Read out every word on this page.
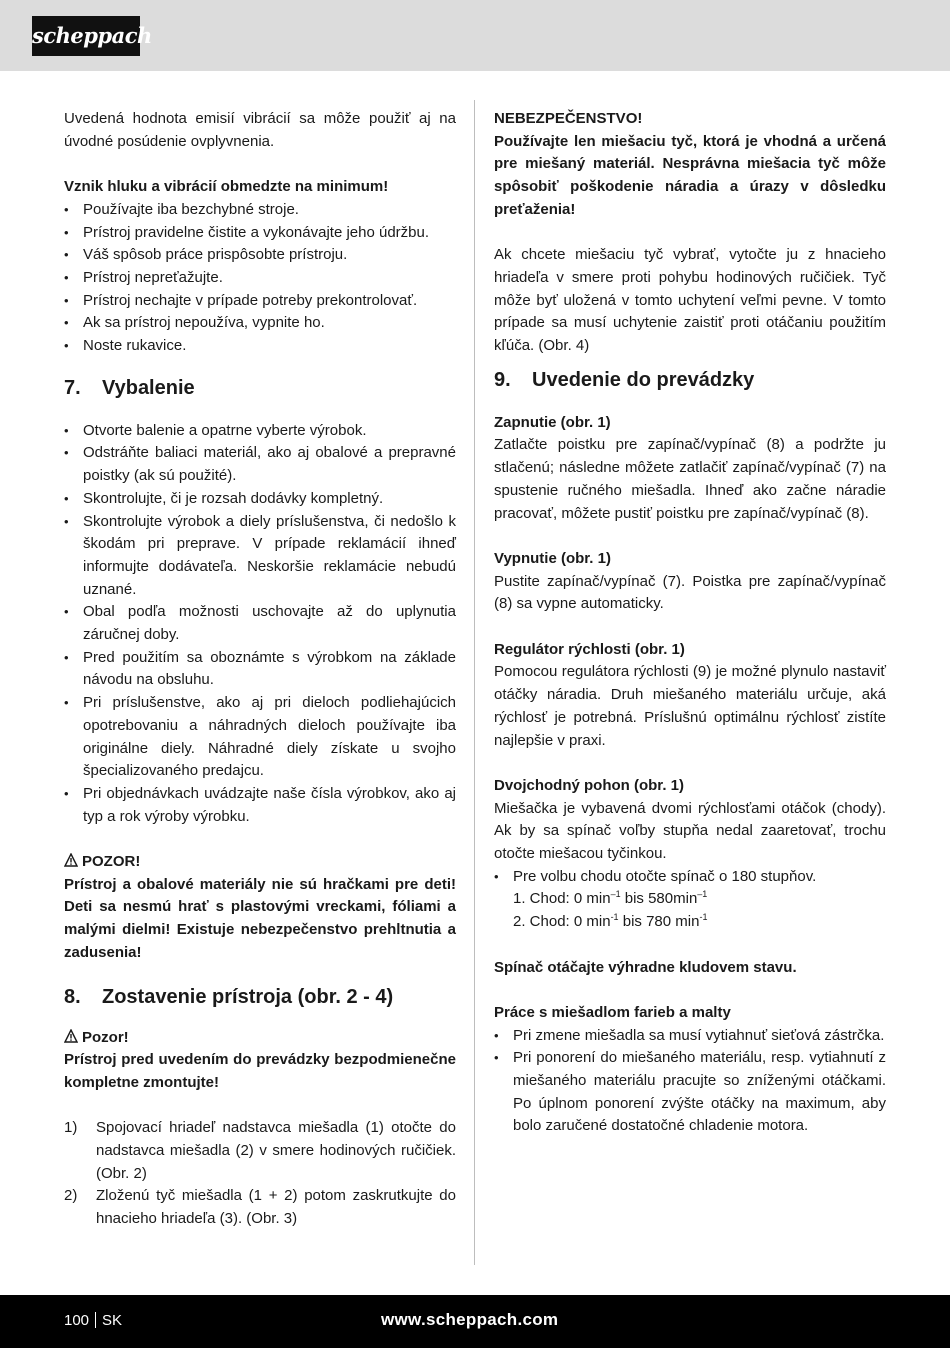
scheppach

Uvedená hodnota emisií vibrácií sa môže použiť aj na úvodné posúdenie ovplyvnenia.

Vznik hluku a vibrácií obmedzte na minimum!

• Používajte iba bezchybné stroje.
• Prístroj pravidelne čistite a vykonávajte jeho údržbu.
• Váš spôsob práce prispôsobte prístroju.
• Prístroj nepreťažujte.
• Prístroj nechajte v prípade potreby prekontrolovať.
• Ak sa prístroj nepoužíva, vypnite ho.
• Noste rukavice.
7.	Vybalenie
• Otvorte balenie a opatrne vyberte výrobok.
• Odstráňte baliaci materiál, ako aj obalové a prepravné poistky (ak sú použité).
• Skontrolujte, či je rozsah dodávky kompletný.
• Skontrolujte výrobok a diely príslušenstva, či nedošlo k škodám pri preprave. V prípade reklamácií ihneď informujte dodávateľa. Neskoršie reklamácie nebudú uznané.
• Obal podľa možnosti uschovajte až do uplynutia záručnej doby.
• Pred použitím sa oboznámte s výrobkom na základe návodu na obsluhu.
• Pri príslušenstve, ako aj pri dieloch podliehajúcich opotrebovaniu a náhradných dieloch používajte iba originálne diely. Náhradné diely získate u svojho špecializovaného predajcu.
• Pri objednávkach uvádzajte naše čísla výrobkov, ako aj typ a rok výroby výrobku.

POZOR!

Prístroj a obalové materiály nie sú hračkami pre deti! Deti sa nesmú hrať s plastovými vreckami, fóliami a malými dielmi! Existuje nebezpečenstvo prehltnutia a zadusenia!

8.	Zostavenie prístroja (obr. 2 - 4)

Pozor!

Prístroj pred uvedením do prevádzky bezpodmienečne kompletne zmontujte!

1) Spojovací hriadeľ nadstavca miešadla (1) otočte do nadstavca miešadla (2) v smere hodinových ručičiek. (Obr. 2)
2) Zloženú tyč miešadla (1 + 2) potom zaskrutkujte do hnacieho hriadeľa (3). (Obr. 3)

NEBEZPEČENSTVO!

Používajte len miešaciu tyč, ktorá je vhodná a určená pre miešaný materiál. Nesprávna miešacia tyč môže spôsobiť poškodenie náradia a úrazy v dôsledku preťaženia!

Ak chcete miešaciu tyč vybrať, vytočte ju z hnacieho hriadeľa v smere proti pohybu hodinových ručičiek. Tyč môže byť uložená v tomto uchytení veľmi pevne. V tomto prípade sa musí uchytenie zaistiť proti otáčaniu použitím kľúča. (Obr. 4)

9.	Uvedenie do prevádzky

Zapnutie (obr. 1)

Zatlačte poistku pre zapínač/vypínač (8) a podržte ju stlačenú; následne môžete zatlačiť zapínač/vypínač (7) na spustenie ručného miešadla. Ihneď ako začne náradie pracovať, môžete pustiť poistku pre zapínač/vypínač (8).

Vypnutie (obr. 1)

Pustite zapínač/vypínač (7). Poistka pre zapínač/vypínač (8) sa vypne automaticky.

Regulátor rýchlosti (obr. 1)

Pomocou regulátora rýchlosti (9) je možné plynulo nastaviť otáčky náradia. Druh miešaného materiálu určuje, aká rýchlosť je potrebná. Príslušnú optimálnu rýchlosť zistíte najlepšie v praxi.

Dvojchodný pohon (obr. 1)

Miešačka je vybavená dvomi rýchlosťami otáčok (chody). Ak by sa spínač voľby stupňa nedal zaaretovať, trochu otočte miešacou tyčinkou.

• Pre volbu chodu otočte spínač o 180 stupňov.
1. Chod: 0 $\min^{-1}$ bis $580\min^{-1}$
2. Chod: 0 $\min^{-1}$ bis 780 $\min^{-1}$

Spínač otáčajte výhradne kludovem stavu.

Práce s miešadlom farieb a malty

• Pri zmene miešadla sa musí vytiahnuť sieťová zástrčka.
• Pri ponorení do miešaného materiálu, resp. vytiahnutí z miešaného materiálu pracujte so zníženými otáčkami. Po úplnom ponorení zvýšte otáčky na maximum, aby bolo zaručené dostatočné chladenie motora.
100 SK	www.scheppach.com
